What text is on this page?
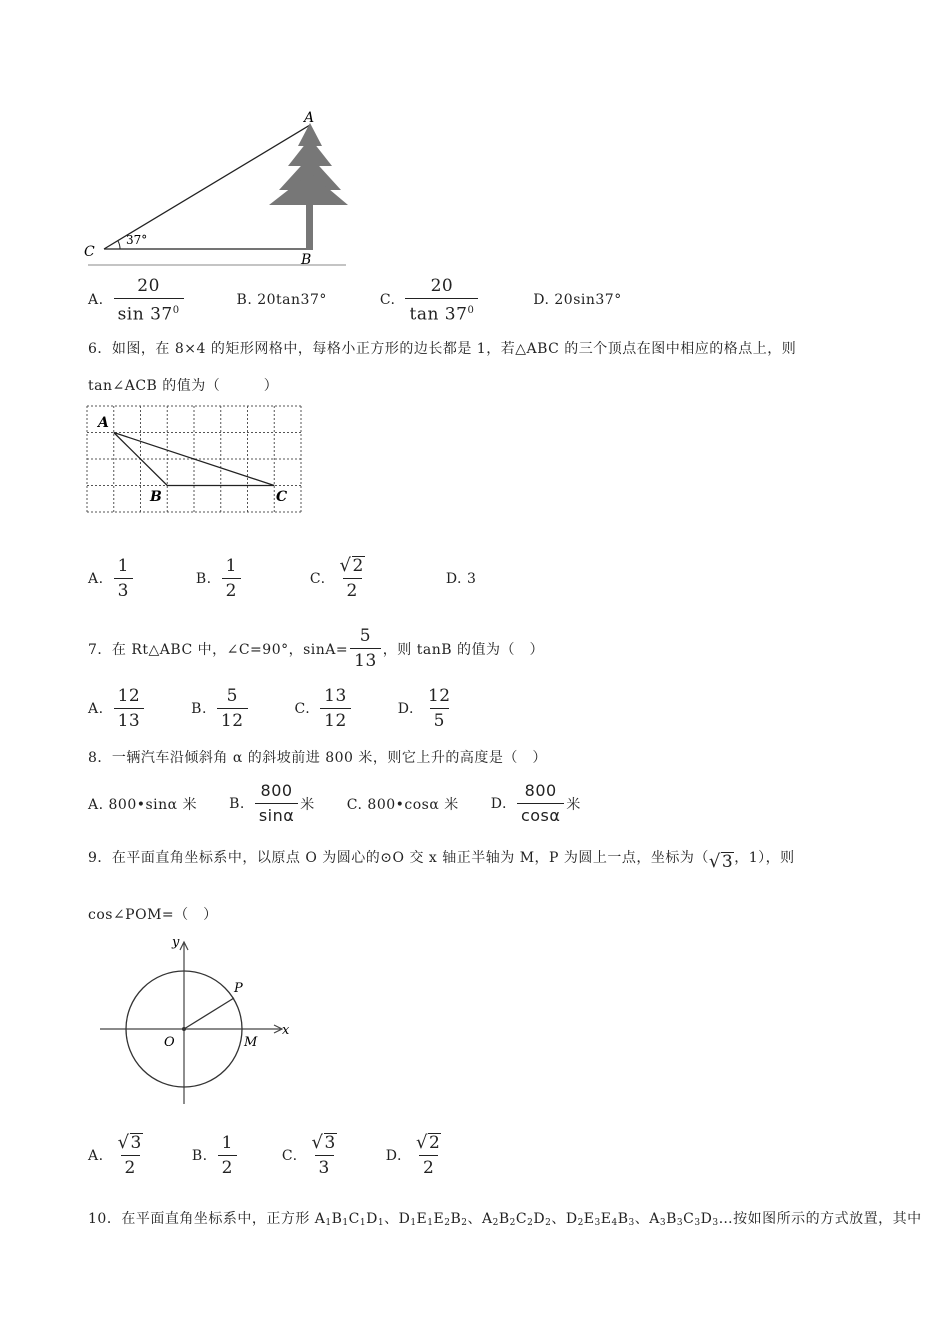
A
B
C
37°
A. $\frac{20}{\sin 37^0}$	B. 20tan37°	C. $\frac{20}{\tan 37^0}$	D. 20sin37°
6．如图，在 8×4 的矩形网格中，每格小正方形的边长都是 1，若△ABC 的三个顶点在图中相应的格点上，则
tan∠ACB 的值为（　　　）
A
B	C
A. $\frac{1}{3}$
	B. $\frac{1}{2}$
	C. $\frac{√ 2}{2}$	D. 3
7．在 Rt△ABC 中，∠C=90°，$\sin A= \frac{5}{13}$ ，则 tanB 的值为（　）
A. $\frac{12}{13}$
	B. $\frac{5}{12}$
	C. $\frac{13}{12}$
	D. $\frac{12}{5}$
8．一辆汽车沿倾斜角 α 的斜坡前进 800 米，则它上升的高度是（　）
A. 800•sinα 米 B. $\frac{800}{\sin\alpha}$ 米 C. 800•cosα 米 D. $\frac{800}{\cos\alpha}$ 米
9．在平面直角坐标系中，以原点 O 为圆心的⊙O 交 x 轴正半轴为 M，P 为圆上一点，坐标为（ √ 3 ，1），则
cos∠POM=（　）
y
x
O
P
M
A. $\frac{√ 3}{2}$
	B. $\frac{1}{2}$
	C. $\frac{√ 3}{3}$
	D. $\frac{√ 2}{2}$
10．在平面直角坐标系中，正方形 $A_1B_1C_1D_1$、$D_1E_1E_2B_2$、$A_2B_2C_2D_2$、$D_2E_3E_4B_3$、$A_3B_3C_3D_3\dots$按如图所示的方式放置，其中
